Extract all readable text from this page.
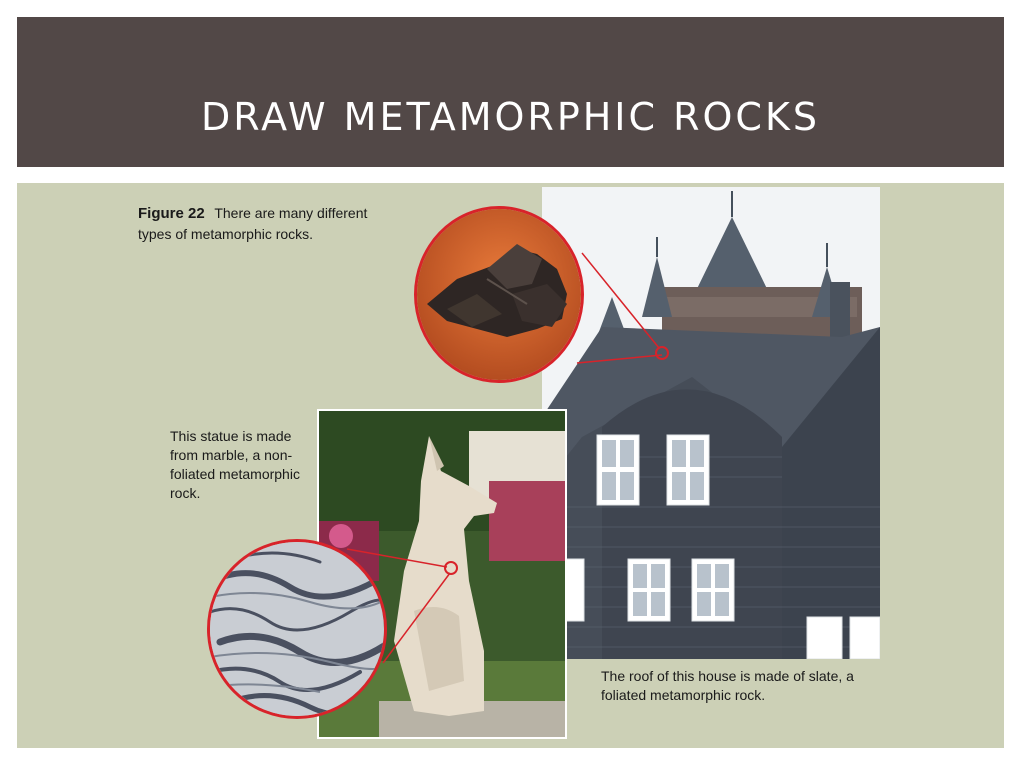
DRAW METAMORPHIC ROCKS
Figure 22 There are many different types of metamorphic rocks.
This statue is made from marble, a non-foliated metamorphic rock.
The roof of this house is made of slate, a foliated metamorphic rock.
